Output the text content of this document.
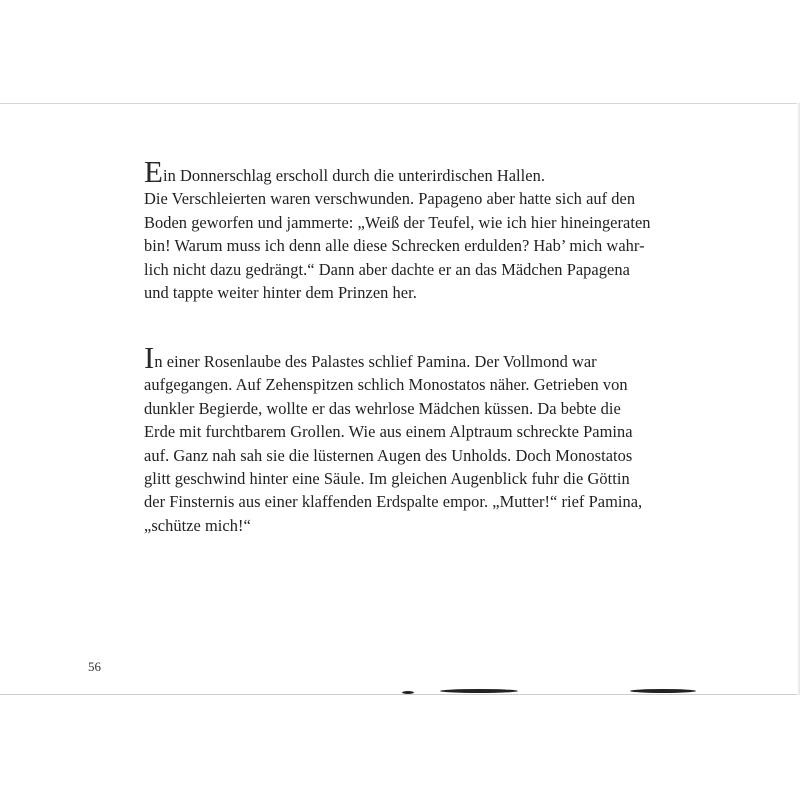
Ein Donnerschlag erscholl durch die unterirdischen Hallen.
Die Verschleierten waren verschwunden. Papageno aber hatte sich auf den
Boden geworfen und jammerte: „Weiß der Teufel, wie ich hier hineingeraten
bin! Warum muss ich denn alle diese Schrecken erdulden? Hab’ mich wahr-
lich nicht dazu gedrängt.“ Dann aber dachte er an das Mädchen Papagena
und tappte weiter hinter dem Prinzen her.

In einer Rosenlaube des Palastes schlief Pamina. Der Vollmond war
aufgegangen. Auf Zehenspitzen schlich Monostatos näher. Getrieben von
dunkler Begierde, wollte er das wehrlose Mädchen küssen. Da bebte die
Erde mit furchtbarem Grollen. Wie aus einem Alptraum schreckte Pamina
auf. Ganz nah sah sie die lüsternen Augen des Unholds. Doch Monostatos
glitt geschwind hinter eine Säule. Im gleichen Augenblick fuhr die Göttin
der Finsternis aus einer klaffenden Erdspalte empor. „Mutter!“ rief Pamina,
„schütze mich!“

56
